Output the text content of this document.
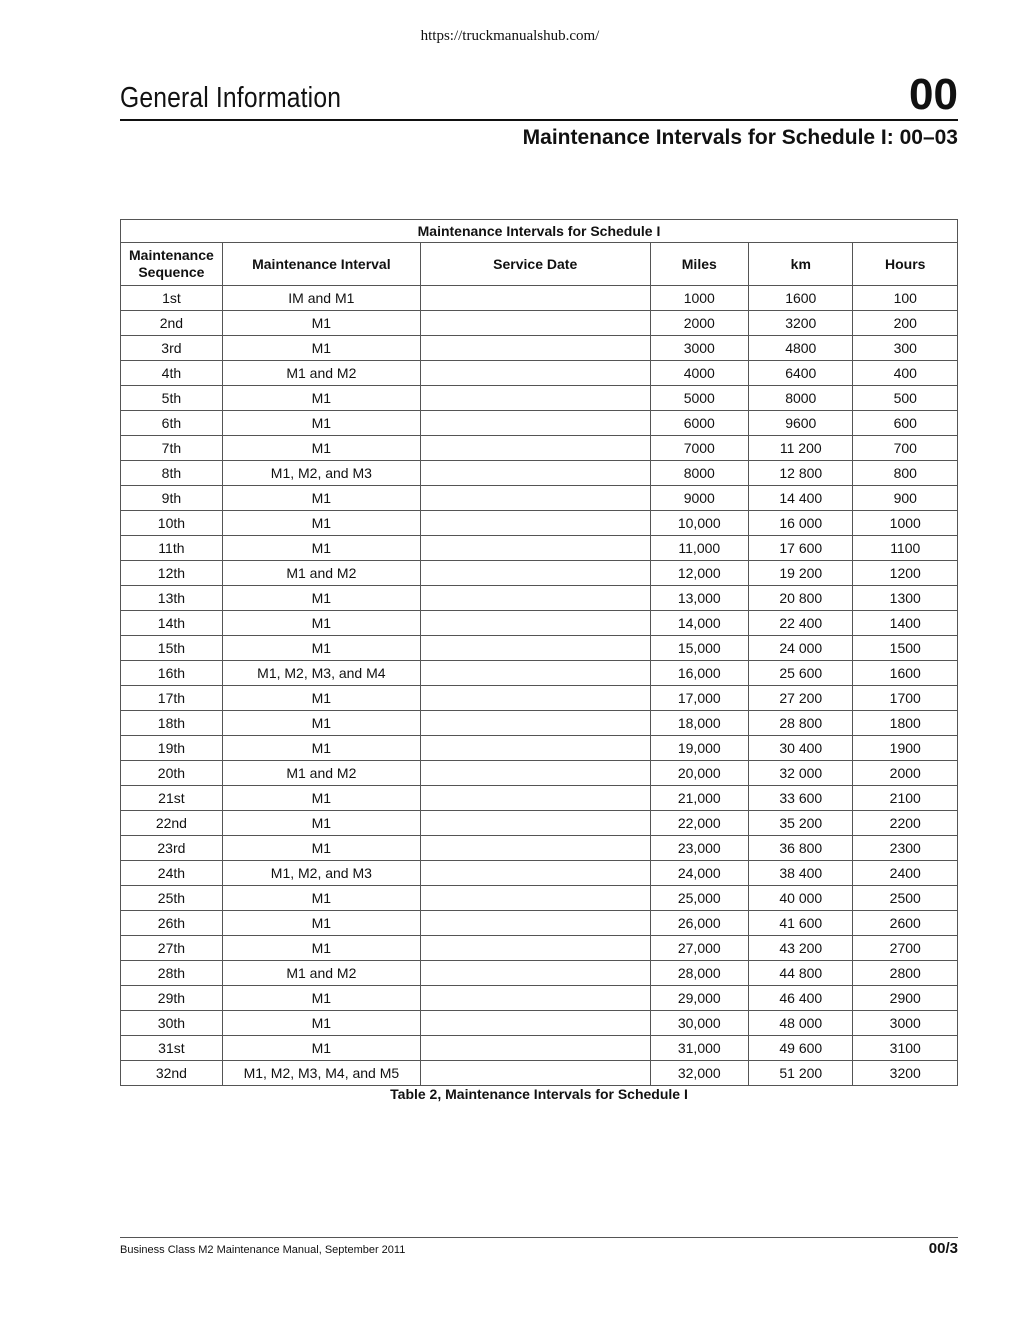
https://truckmanualshub.com/
General Information	00
Maintenance Intervals for Schedule I: 00–03
Maintenance Intervals for Schedule I					
Maintenance Sequence	Maintenance Interval	Service Date	Miles	km	Hours
1st	IM and M1		1000	1600	100
2nd	M1		2000	3200	200
3rd	M1		3000	4800	300
4th	M1 and M2		4000	6400	400
5th	M1		5000	8000	500
6th	M1		6000	9600	600
7th	M1		7000	11 200	700
8th	M1, M2, and M3		8000	12 800	800
9th	M1		9000	14 400	900
10th	M1		10,000	16 000	1000
11th	M1		11,000	17 600	1100
12th	M1 and M2		12,000	19 200	1200
13th	M1		13,000	20 800	1300
14th	M1		14,000	22 400	1400
15th	M1		15,000	24 000	1500
16th	M1, M2, M3, and M4		16,000	25 600	1600
17th	M1		17,000	27 200	1700
18th	M1		18,000	28 800	1800
19th	M1		19,000	30 400	1900
20th	M1 and M2		20,000	32 000	2000
21st	M1		21,000	33 600	2100
22nd	M1		22,000	35 200	2200
23rd	M1		23,000	36 800	2300
24th	M1, M2, and M3		24,000	38 400	2400
25th	M1		25,000	40 000	2500
26th	M1		26,000	41 600	2600
27th	M1		27,000	43 200	2700
28th	M1 and M2		28,000	44 800	2800
29th	M1		29,000	46 400	2900
30th	M1		30,000	48 000	3000
31st	M1		31,000	49 600	3100
32nd	M1, M2, M3, M4, and M5		32,000	51 200	3200
Table 2, Maintenance Intervals for Schedule I
Business Class M2 Maintenance Manual, September 2011	00/3
